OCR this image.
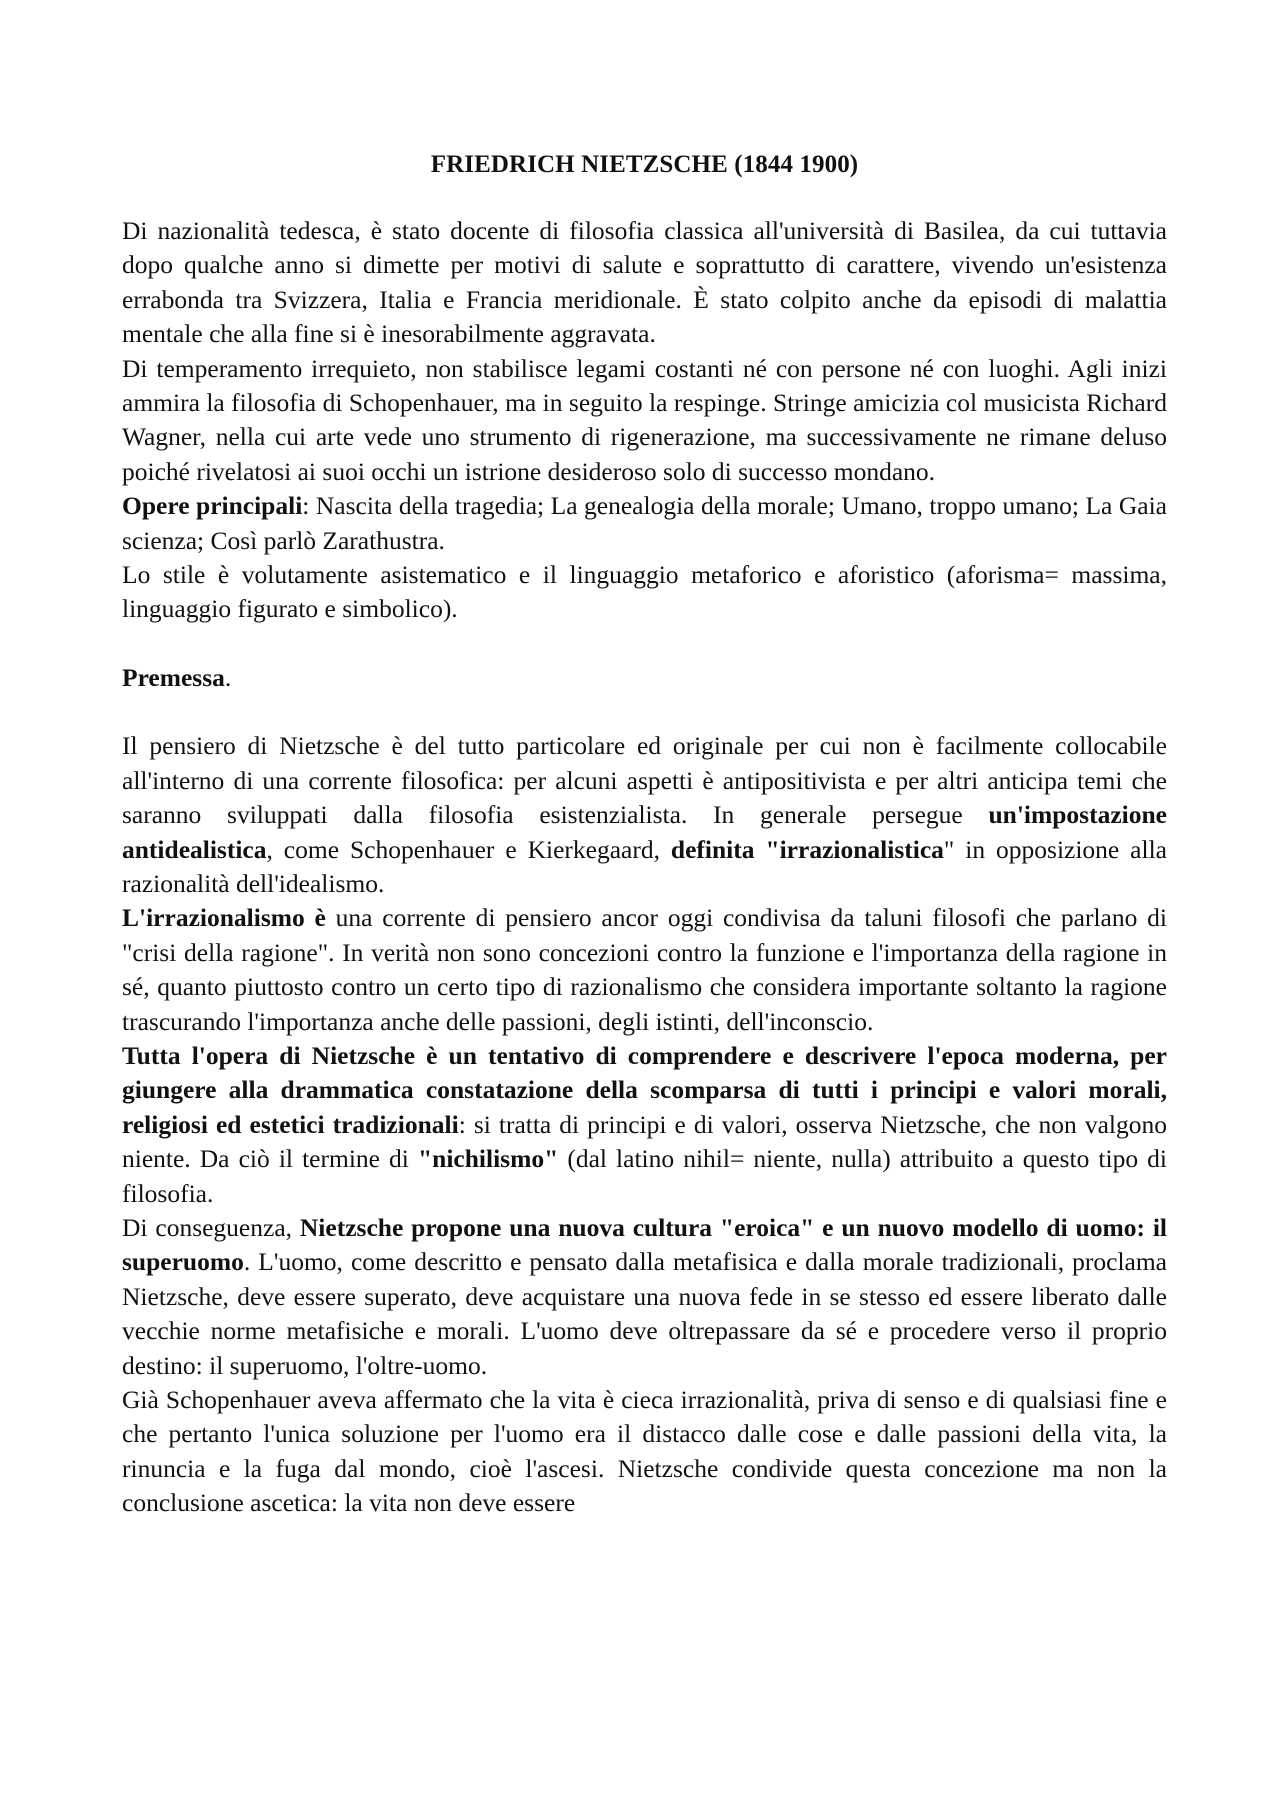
FRIEDRICH NIETZSCHE (1844 1900)

Di nazionalità tedesca, è stato docente di filosofia classica all'università di Basilea, da cui tuttavia dopo qualche anno si dimette per motivi di salute e soprattutto di carattere, vivendo un'esistenza errabonda tra Svizzera, Italia e Francia meridionale. È stato colpito anche da episodi di malattia mentale che alla fine si è inesorabilmente aggravata.

Di temperamento irrequieto, non stabilisce legami costanti né con persone né con luoghi. Agli inizi ammira la filosofia di Schopenhauer, ma in seguito la respinge. Stringe amicizia col musicista Richard Wagner, nella cui arte vede uno strumento di rigenerazione, ma successivamente ne rimane deluso poiché rivelatosi ai suoi occhi un istrione desideroso solo di successo mondano.

Opere principali: Nascita della tragedia; La genealogia della morale; Umano, troppo umano; La Gaia scienza; Così parlò Zarathustra.

Lo stile è volutamente asistematico e il linguaggio metaforico e aforistico (aforisma= massima, linguaggio figurato e simbolico).

Premessa.

Il pensiero di Nietzsche è del tutto particolare ed originale per cui non è facilmente collocabile all'interno di una corrente filosofica: per alcuni aspetti è antipositivista e per altri anticipa temi che saranno sviluppati dalla filosofia esistenzialista. In generale persegue un'impostazione antidealistica, come Schopenhauer e Kierkegaard, definita "irrazionalistica" in opposizione alla razionalità dell'idealismo.

L'irrazionalismo è una corrente di pensiero ancor oggi condivisa da taluni filosofi che parlano di "crisi della ragione". In verità non sono concezioni contro la funzione e l'importanza della ragione in sé, quanto piuttosto contro un certo tipo di razionalismo che considera importante soltanto la ragione trascurando l'importanza anche delle passioni, degli istinti, dell'inconscio.

Tutta l'opera di Nietzsche è un tentativo di comprendere e descrivere l'epoca moderna, per giungere alla drammatica constatazione della scomparsa di tutti i principi e valori morali, religiosi ed estetici tradizionali: si tratta di principi e di valori, osserva Nietzsche, che non valgono niente. Da ciò il termine di "nichilismo" (dal latino nihil= niente, nulla) attribuito a questo tipo di filosofia.

Di conseguenza, Nietzsche propone una nuova cultura "eroica" e un nuovo modello di uomo: il superuomo. L'uomo, come descritto e pensato dalla metafisica e dalla morale tradizionali, proclama Nietzsche, deve essere superato, deve acquistare una nuova fede in se stesso ed essere liberato dalle vecchie norme metafisiche e morali. L'uomo deve oltrepassare da sé e procedere verso il proprio destino: il superuomo, l'oltre-uomo.

Già Schopenhauer aveva affermato che la vita è cieca irrazionalità, priva di senso e di qualsiasi fine e che pertanto l'unica soluzione per l'uomo era il distacco dalle cose e dalle passioni della vita, la rinuncia e la fuga dal mondo, cioè l'ascesi. Nietzsche condivide questa concezione ma non la conclusione ascetica: la vita non deve essere
